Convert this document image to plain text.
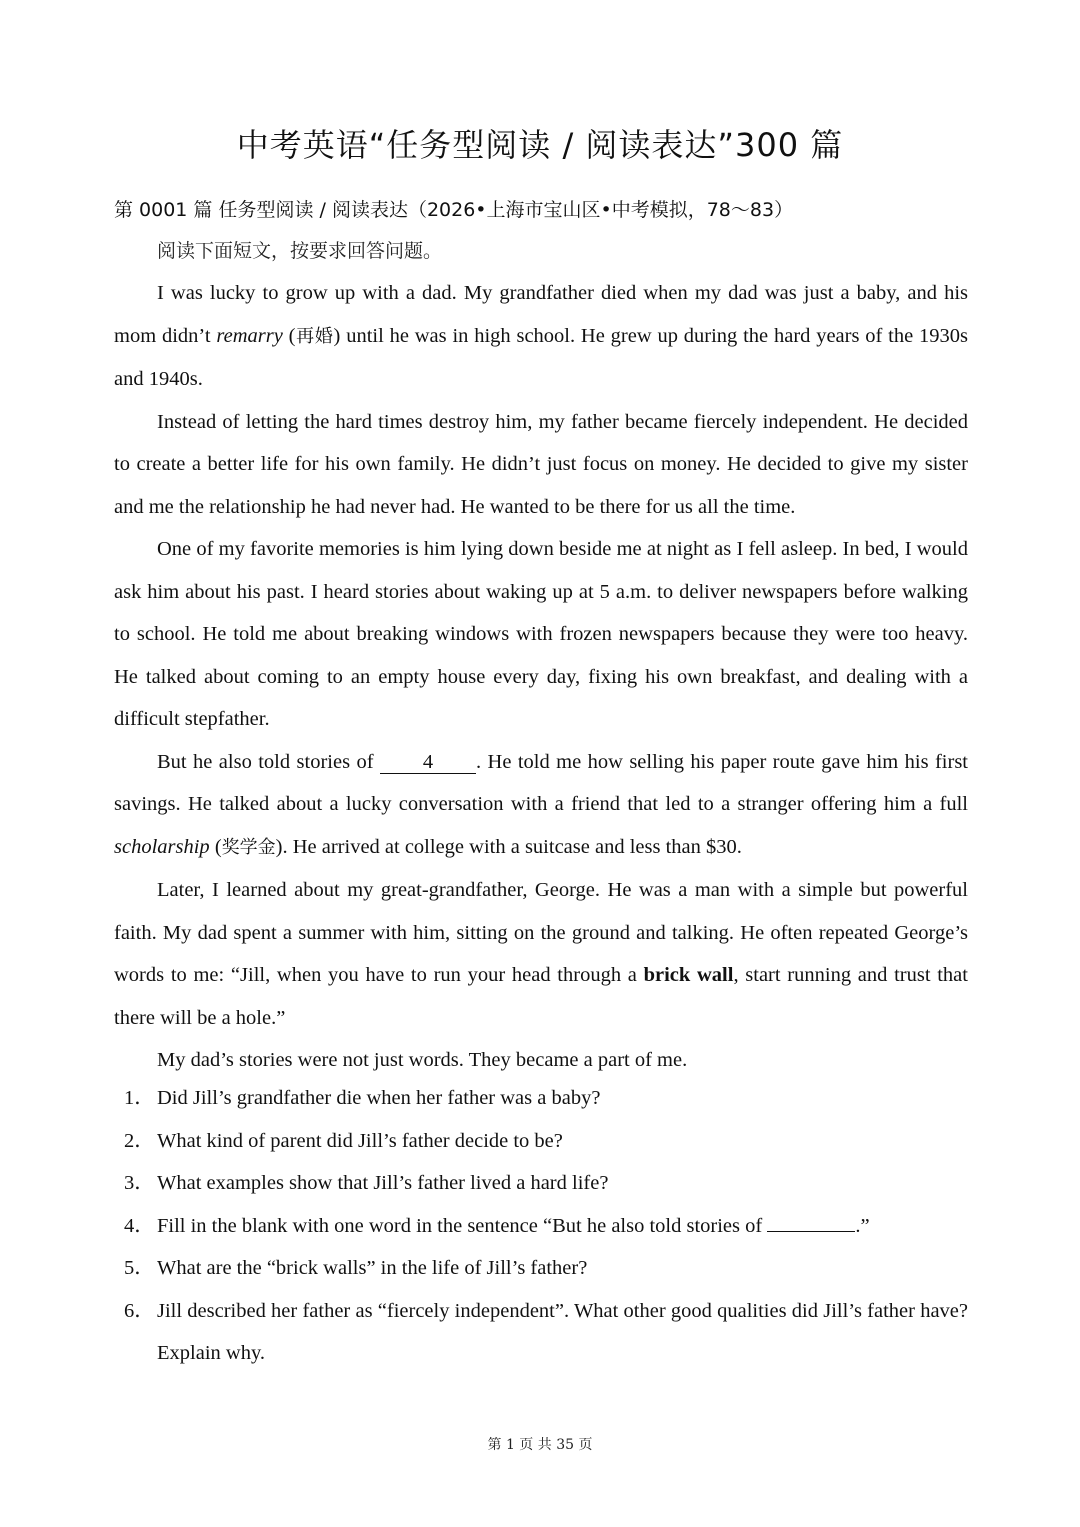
中考英语“任务型阅读 / 阅读表达”300 篇
第 0001 篇 任务型阅读 / 阅读表达（2026•上海市宝山区•中考模拟，78～83）
阅读下面短文，按要求回答问题。

I was lucky to grow up with a dad. My grandfather died when my dad was just a baby, and his mom didn’t remarry (再婚) until he was in high school. He grew up during the hard years of the 1930s and 1940s.

Instead of letting the hard times destroy him, my father became fiercely independent. He decided to create a better life for his own family. He didn’t just focus on money. He decided to give my sister and me the relationship he had never had. He wanted to be there for us all the time.

One of my favorite memories is him lying down beside me at night as I fell asleep. In bed, I would ask him about his past. I heard stories about waking up at 5 a.m. to deliver newspapers before walking to school. He told me about breaking windows with frozen newspapers because they were too heavy. He talked about coming to an empty house every day, fixing his own breakfast, and dealing with a difficult stepfather.

But he also told stories of 4 . He told me how selling his paper route gave him his first savings. He talked about a lucky conversation with a friend that led to a stranger offering him a full scholarship (奖学金). He arrived at college with a suitcase and less than $30.

Later, I learned about my great-grandfather, George. He was a man with a simple but powerful faith. My dad spent a summer with him, sitting on the ground and talking. He often repeated George’s words to me: “Jill, when you have to run your head through a brick wall, start running and trust that there will be a hole.”

My dad’s stories were not just words. They became a part of me.

1． Did Jill’s grandfather die when her father was a baby?
2． What kind of parent did Jill’s father decide to be?
3． What examples show that Jill’s father lived a hard life?
4． Fill in the blank with one word in the sentence “But he also told stories of	.”
5． What are the “brick walls” in the life of Jill’s father?
6． Jill described her father as “fiercely independent”. What other good qualities did Jill’s father have? Explain why.
第 1 页 共 35 页
